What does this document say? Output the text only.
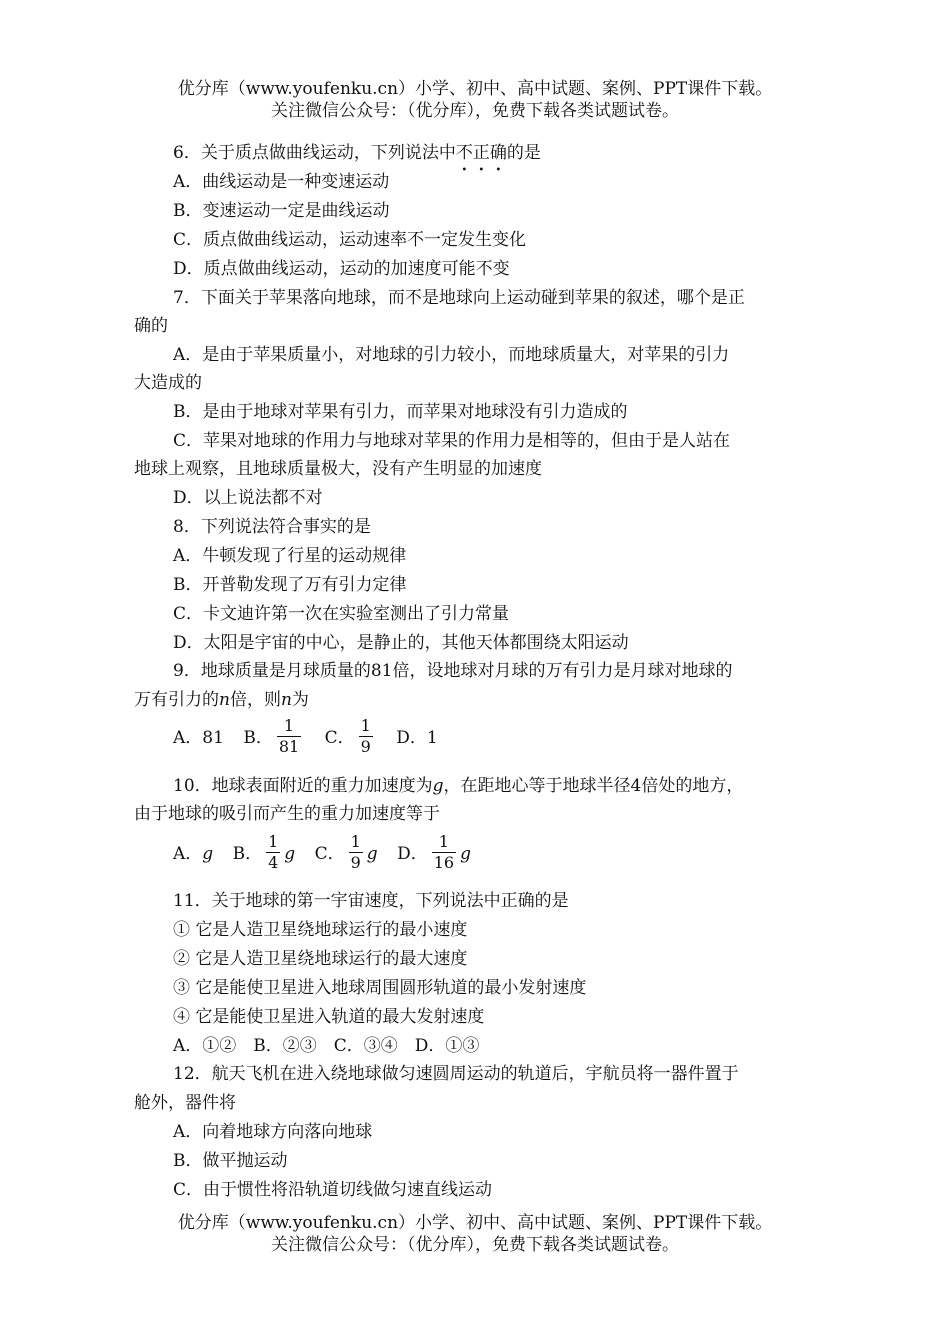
优分库（www.youfenku.cn）小学、初中、高中试题、案例、PPT课件下载。

关注微信公众号：（优分库），免费下载各类试题试卷。

6．关于质点做曲线运动，下列说法中不正确的是

A．曲线运动是一种变速运动

B．变速运动一定是曲线运动

C．质点做曲线运动，运动速率不一定发生变化

D．质点做曲线运动，运动的加速度可能不变

7．下面关于苹果落向地球，而不是地球向上运动碰到苹果的叙述，哪个是正

确的

A．是由于苹果质量小，对地球的引力较小，而地球质量大，对苹果的引力

大造成的

B．是由于地球对苹果有引力，而苹果对地球没有引力造成的

C．苹果对地球的作用力与地球对苹果的作用力是相等的，但由于是人站在

地球上观察，且地球质量极大，没有产生明显的加速度

D．以上说法都不对

8．下列说法符合事实的是

A．牛顿发现了行星的运动规律

B．开普勒发现了万有引力定律

C．卡文迪许第一次在实验室测出了引力常量

D．太阳是宇宙的中心，是静止的，其他天体都围绕太阳运动

9．地球质量是月球质量的81倍，设地球对月球的万有引力是月球对地球的

万有引力的n倍，则n为

A．81 B． $\frac{1}{81}$ C． $\frac{1}{9}$ D．1

10．地球表面附近的重力加速度为g，在距地心等于地球半径4倍处的地方，

由于地球的吸引而产生的重力加速度等于

A．g B． $\frac{1}{4}$ g C． $\frac{1}{9}$ g D． $\frac{1}{16}$ g

11．关于地球的第一宇宙速度，下列说法中正确的是

① 它是人造卫星绕地球运行的最小速度

② 它是人造卫星绕地球运行的最大速度

③ 它是能使卫星进入地球周围圆形轨道的最小发射速度

④ 它是能使卫星进入轨道的最大发射速度

A．①②　B．②③　C．③④　D．①③

12．航天飞机在进入绕地球做匀速圆周运动的轨道后，宇航员将一器件置于

舱外，器件将

A．向着地球方向落向地球

B．做平抛运动

C．由于惯性将沿轨道切线做匀速直线运动

优分库（www.youfenku.cn）小学、初中、高中试题、案例、PPT课件下载。

关注微信公众号：（优分库），免费下载各类试题试卷。
